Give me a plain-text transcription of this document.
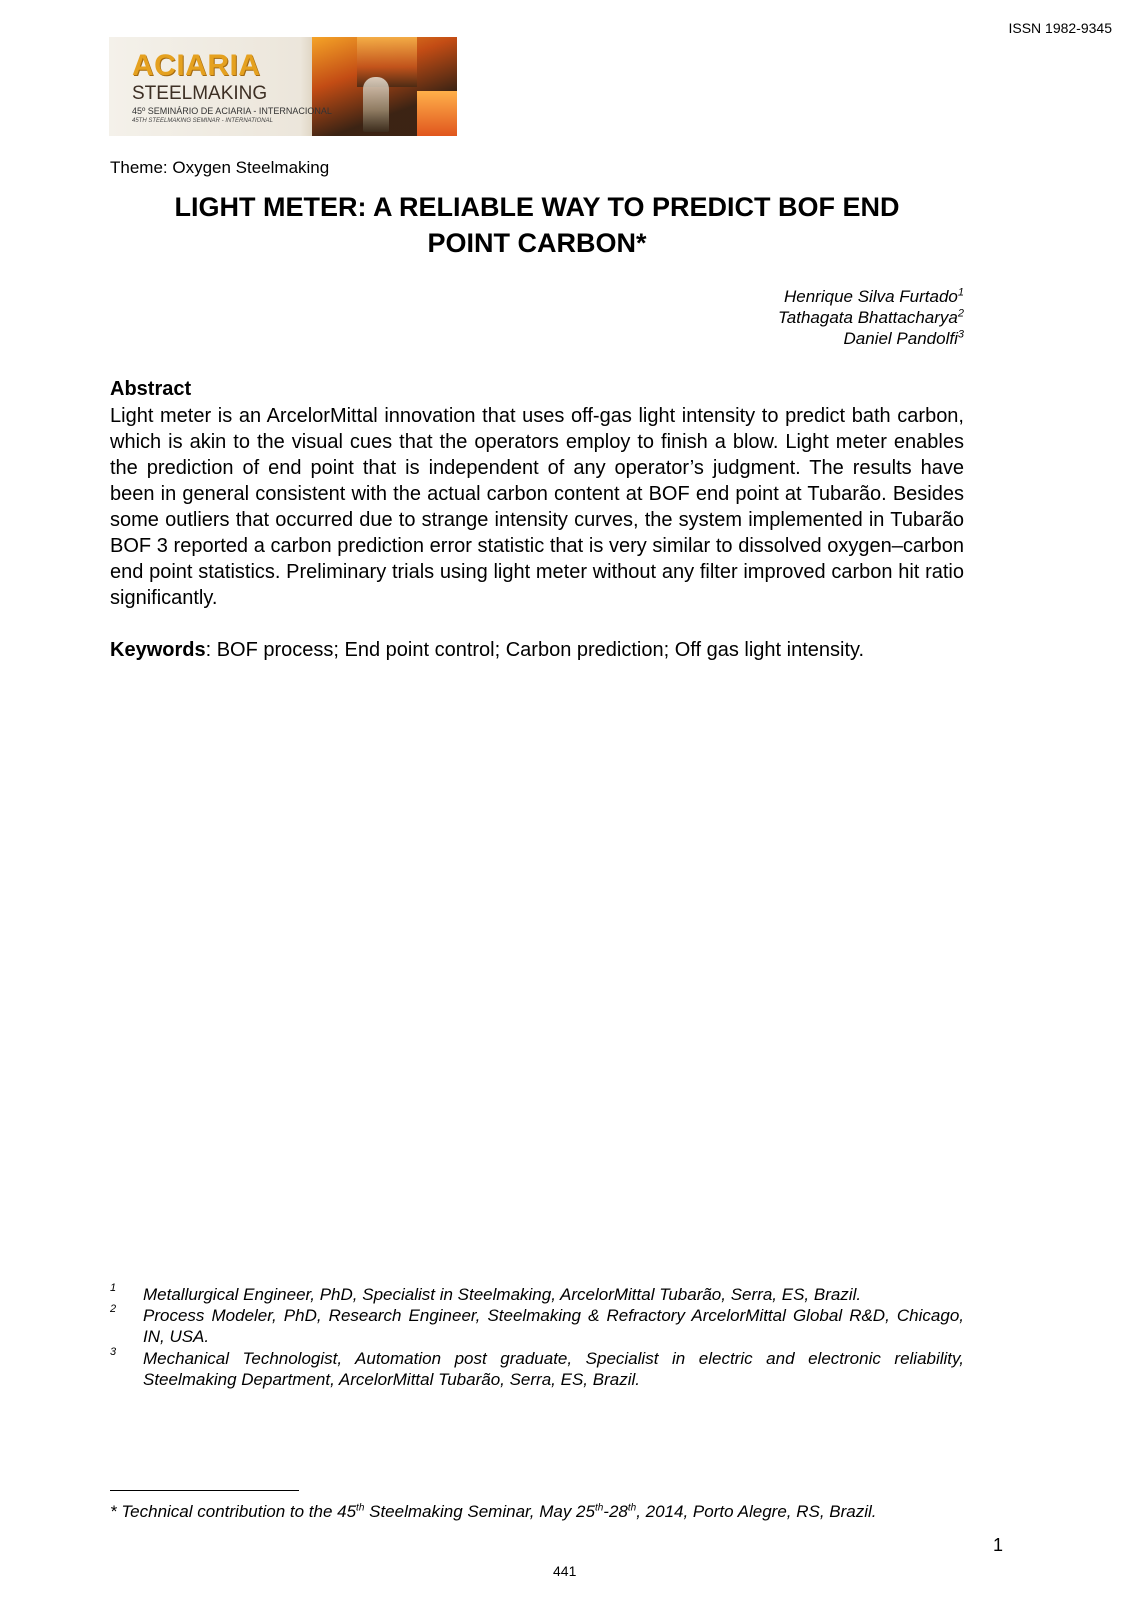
ISSN 1982-9345
ACIARIA
STEELMAKING
45º SEMINÁRIO DE ACIARIA - INTERNACIONAL
45TH STEELMAKING SEMINAR - INTERNATIONAL
Theme: Oxygen Steelmaking
LIGHT METER: A RELIABLE WAY TO PREDICT BOF END
POINT CARBON*
Henrique Silva Furtado$^1$
Tathagata Bhattacharya$^2$
Daniel Pandolfi$^3$
Abstract

Light meter is an ArcelorMittal innovation that uses off-gas light intensity to predict bath carbon, which is akin to the visual cues that the operators employ to finish a blow. Light meter enables the prediction of end point that is independent of any operator’s judgment. The results have been in general consistent with the actual carbon content at BOF end point at Tubarão. Besides some outliers that occurred due to strange intensity curves, the system implemented in Tubarão BOF 3 reported a carbon prediction error statistic that is very similar to dissolved oxygen–carbon end point statistics. Preliminary trials using light meter without any filter improved carbon hit ratio significantly.

Keywords: BOF process; End point control; Carbon prediction; Off gas light intensity.

1 Metallurgical Engineer, PhD, Specialist in Steelmaking, ArcelorMittal Tubarão, Serra, ES, Brazil.
2 Process Modeler, PhD, Research Engineer, Steelmaking & Refractory ArcelorMittal Global R&D, Chicago, IN, USA.
3 Mechanical Technologist, Automation post graduate, Specialist in electric and electronic reliability, Steelmaking Department, ArcelorMittal Tubarão, Serra, ES, Brazil.

* Technical contribution to the 45th Steelmaking Seminar, May 25th-28th, 2014, Porto Alegre, RS, Brazil.

1
441
